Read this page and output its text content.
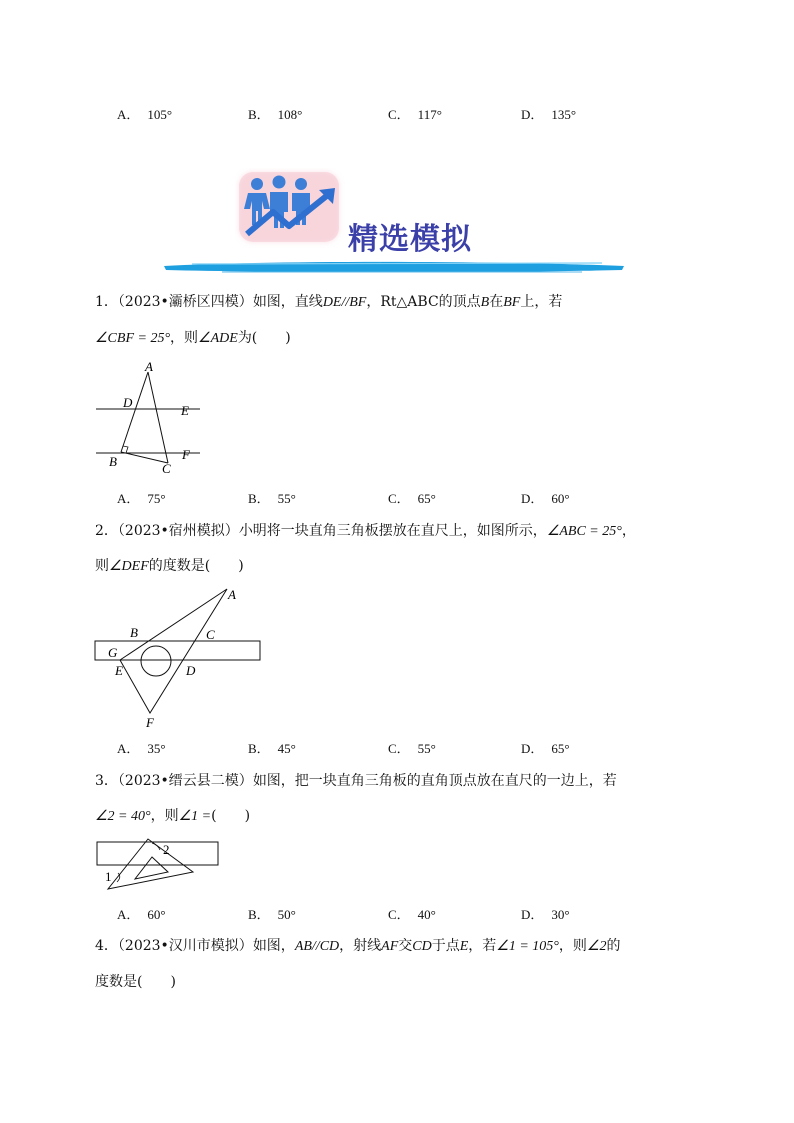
A． 105°	B． 108°	C． 117°	D． 135°
精选模拟
1．（2023•灞桥区四模）如图，直线DE//BF，Rt△ABC的顶点B在BF上，若
∠CBF = 25°，则∠ADE为(　　)
A
D
E
B	C
F
A． 75°	B． 55°	C． 65°	D． 60°
2．（2023•宿州模拟）小明将一块直角三角板摆放在直尺上，如图所示，∠ABC = 25°，
则∠DEF的度数是(　　)
A
B	C
G
E	D
F
A． 35°	B． 45°	C． 55°	D． 65°
3．（2023•缙云县二模）如图，把一块直角三角板的直角顶点放在直尺的一边上，若
∠2 = 40°，则∠1 =(　　)
1
2
A． 60°	B． 50°	C． 40°	D． 30°
4．（2023•汉川市模拟）如图，AB//CD，射线AF交CD于点E，若∠1 = 105°，则∠2的
度数是(　　)
